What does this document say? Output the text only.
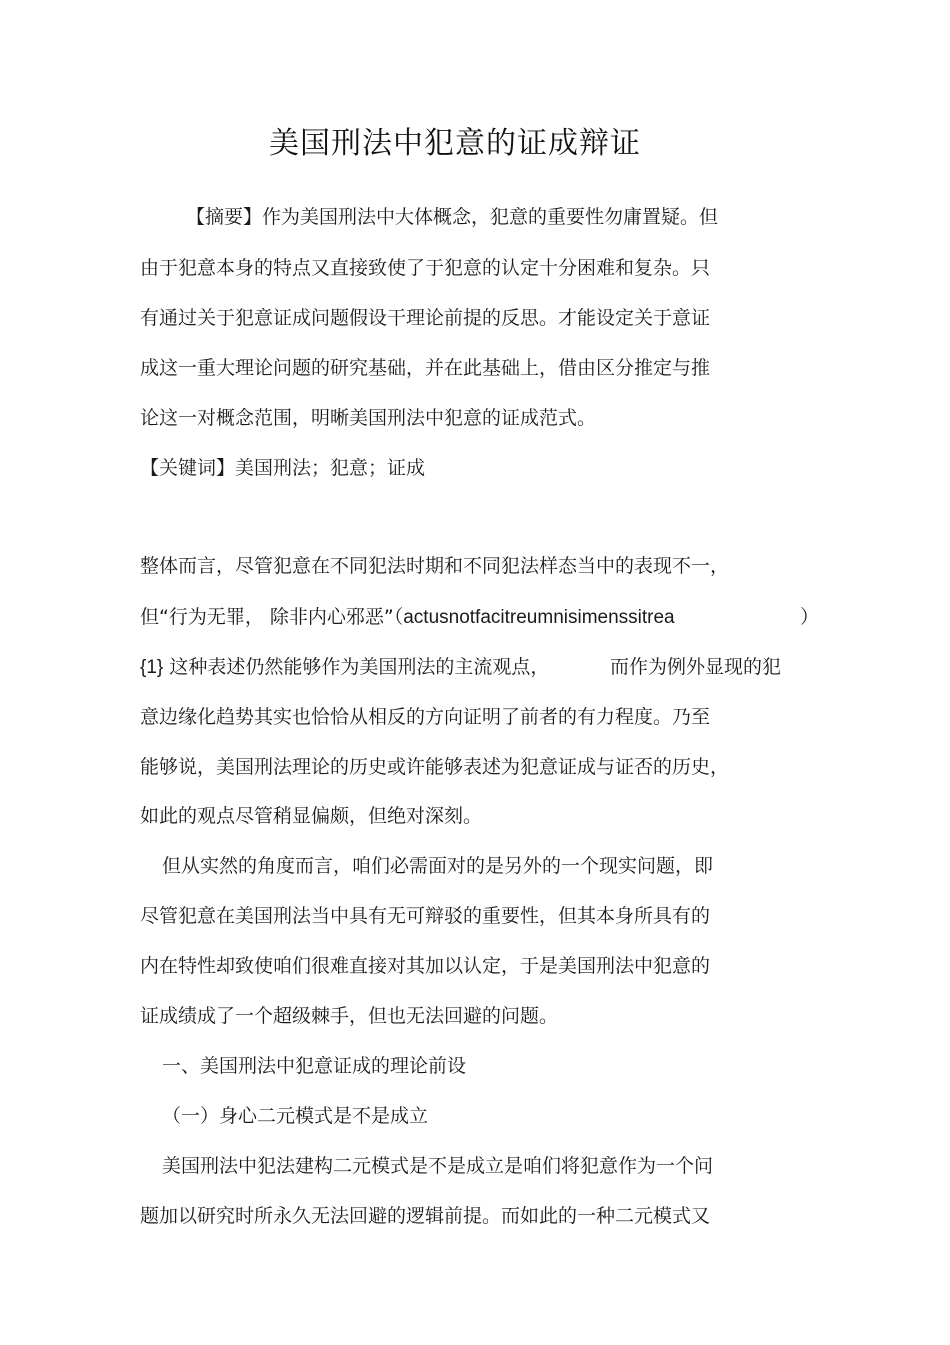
美国刑法中犯意的证成辩证
【摘要】作为美国刑法中大体概念，犯意的重要性勿庸置疑。但
由于犯意本身的特点又直接致使了于犯意的认定十分困难和复杂。只
有通过关于犯意证成问题假设干理论前提的反思。才能设定关于意证
成这一重大理论问题的研究基础，并在此基础上，借由区分推定与推
论这一对概念范围，明晰美国刑法中犯意的证成范式。
【关键词】美国刑法；犯意；证成
整体而言，尽管犯意在不同犯法时期和不同犯法样态当中的表现不一，
但“行为无罪， 除非内心邪恶”（actusnotfacitreumnisimenssitrea	）
{1} 这种表述仍然能够作为美国刑法的主流观点，	而作为例外显现的犯
意边缘化趋势其实也恰恰从相反的方向证明了前者的有力程度。乃至
能够说，美国刑法理论的历史或许能够表述为犯意证成与证否的历史，
如此的观点尽管稍显偏颇，但绝对深刻。
但从实然的角度而言，咱们必需面对的是另外的一个现实问题，即
尽管犯意在美国刑法当中具有无可辩驳的重要性，但其本身所具有的
内在特性却致使咱们很难直接对其加以认定，于是美国刑法中犯意的
证成绩成了一个超级棘手，但也无法回避的问题。
一、美国刑法中犯意证成的理论前设
（一）身心二元模式是不是成立
美国刑法中犯法建构二元模式是不是成立是咱们将犯意作为一个问
题加以研究时所永久无法回避的逻辑前提。而如此的一种二元模式又
